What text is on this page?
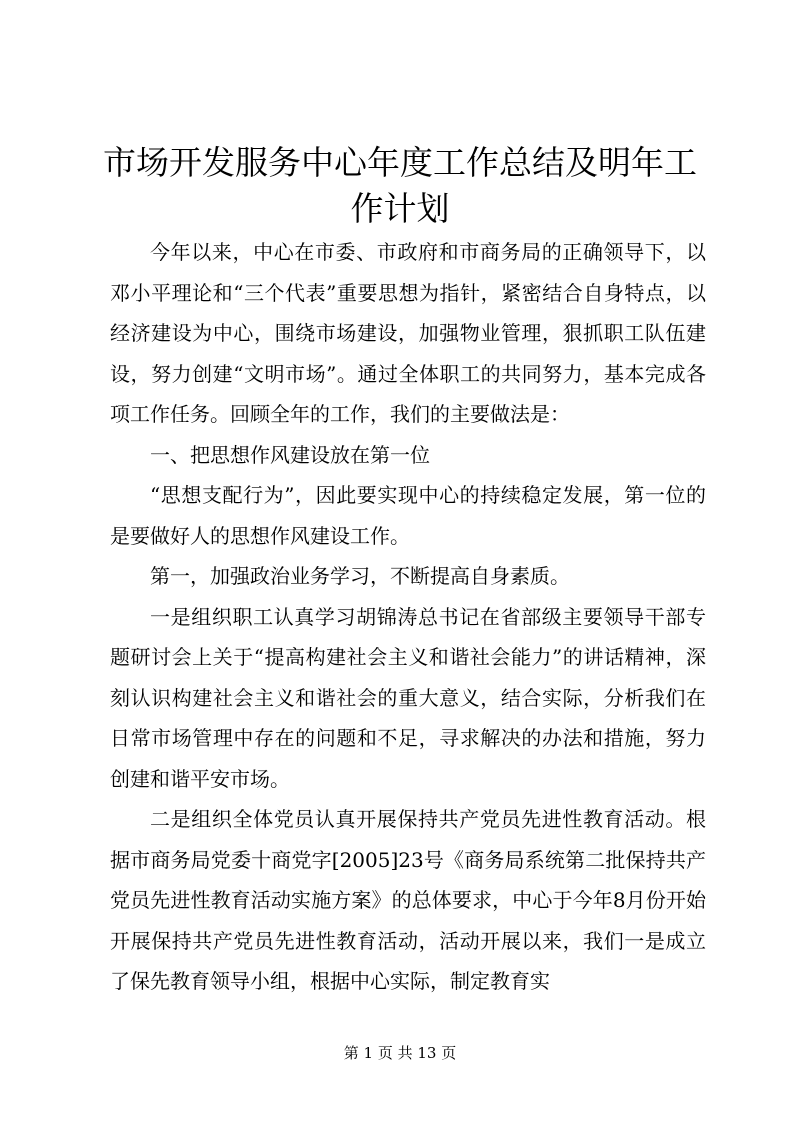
市场开发服务中心年度工作总结及明年工作计划

今年以来，中心在市委、市政府和市商务局的正确领导下，以邓小平理论和“三个代表”重要思想为指针，紧密结合自身特点，以经济建设为中心，围绕市场建设，加强物业管理，狠抓职工队伍建设，努力创建“文明市场”。通过全体职工的共同努力，基本完成各项工作任务。回顾全年的工作，我们的主要做法是：

一、把思想作风建设放在第一位

“思想支配行为”，因此要实现中心的持续稳定发展，第一位的是要做好人的思想作风建设工作。

第一，加强政治业务学习，不断提高自身素质。

一是组织职工认真学习胡锦涛总书记在省部级主要领导干部专题研讨会上关于“提高构建社会主义和谐社会能力”的讲话精神，深刻认识构建社会主义和谐社会的重大意义，结合实际，分析我们在日常市场管理中存在的问题和不足，寻求解决的办法和措施，努力创建和谐平安市场。

二是组织全体党员认真开展保持共产党员先进性教育活动。根据市商务局党委十商党字[2005]23号《商务局系统第二批保持共产党员先进性教育活动实施方案》的总体要求，中心于今年8月份开始开展保持共产党员先进性教育活动，活动开展以来，我们一是成立了保先教育领导小组，根据中心实际，制定教育实

第 1 页 共 13 页
